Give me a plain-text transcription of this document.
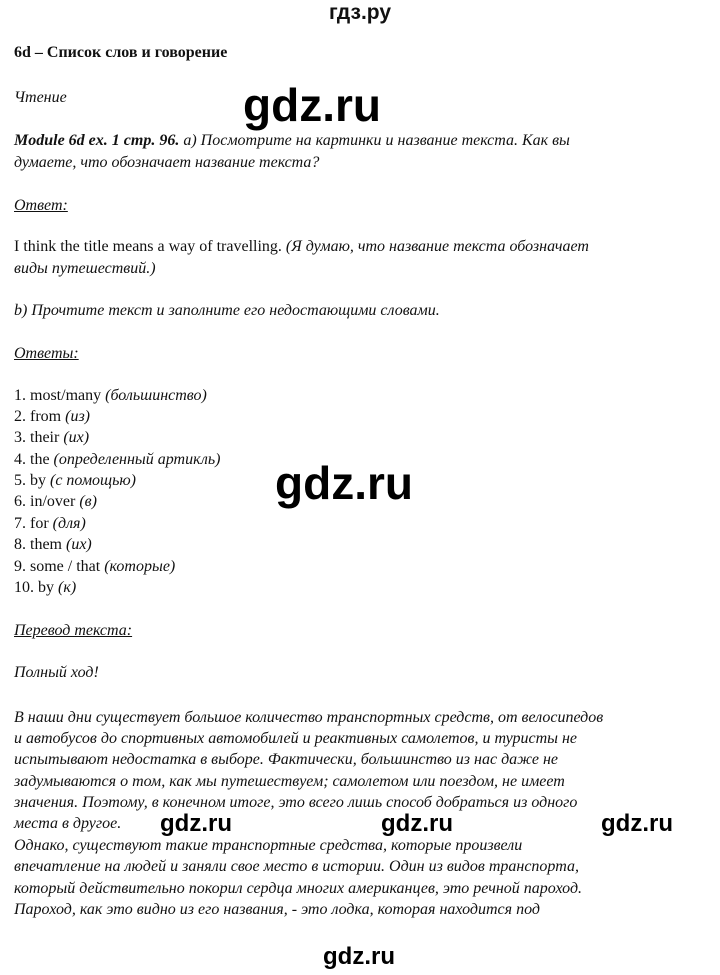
гдз.ру
6d – Список слов и говорение
Чтение	gdz.ru
Module 6d ex. 1 стр. 96. а) Посмотрите на картинки и название текста. Как вы
думаете, что обозначает название текста?
Ответ:
I think the title means a way of travelling. (Я думаю, что название текста обозначает
виды путешествий.)
b) Прочтите текст и заполните его недостающими словами.
Ответы:
1. most/many (большинство)
2. from (из)
3. their (их)
4. the (определенный артикль)
5. by (с помощью)
6. in/over (в)
7. for (для)
8. them (их)
9. some / that (которые)
10. by (к)
gdz.ru
Перевод текста:
Полный ход!
В наши дни существует большое количество транспортных средств, от велосипедов
и автобусов до спортивных автомобилей и реактивных самолетов, и туристы не
испытывают недостатка в выборе. Фактически, большинство из нас даже не
задумываются о том, как мы путешествуем; самолетом или поездом, не имеет
значения. Поэтому, в конечном итоге, это всего лишь способ добраться из одного
места в другое.
Однако, существуют такие транспортные средства, которые произвели
впечатление на людей и заняли свое место в истории. Один из видов транспорта,
который действительно покорил сердца многих американцев, это речной пароход.
Пароход, как это видно из его названия, - это лодка, которая находится под
gdz.ru	gdz.ru	gdz.ru
gdz.ru
